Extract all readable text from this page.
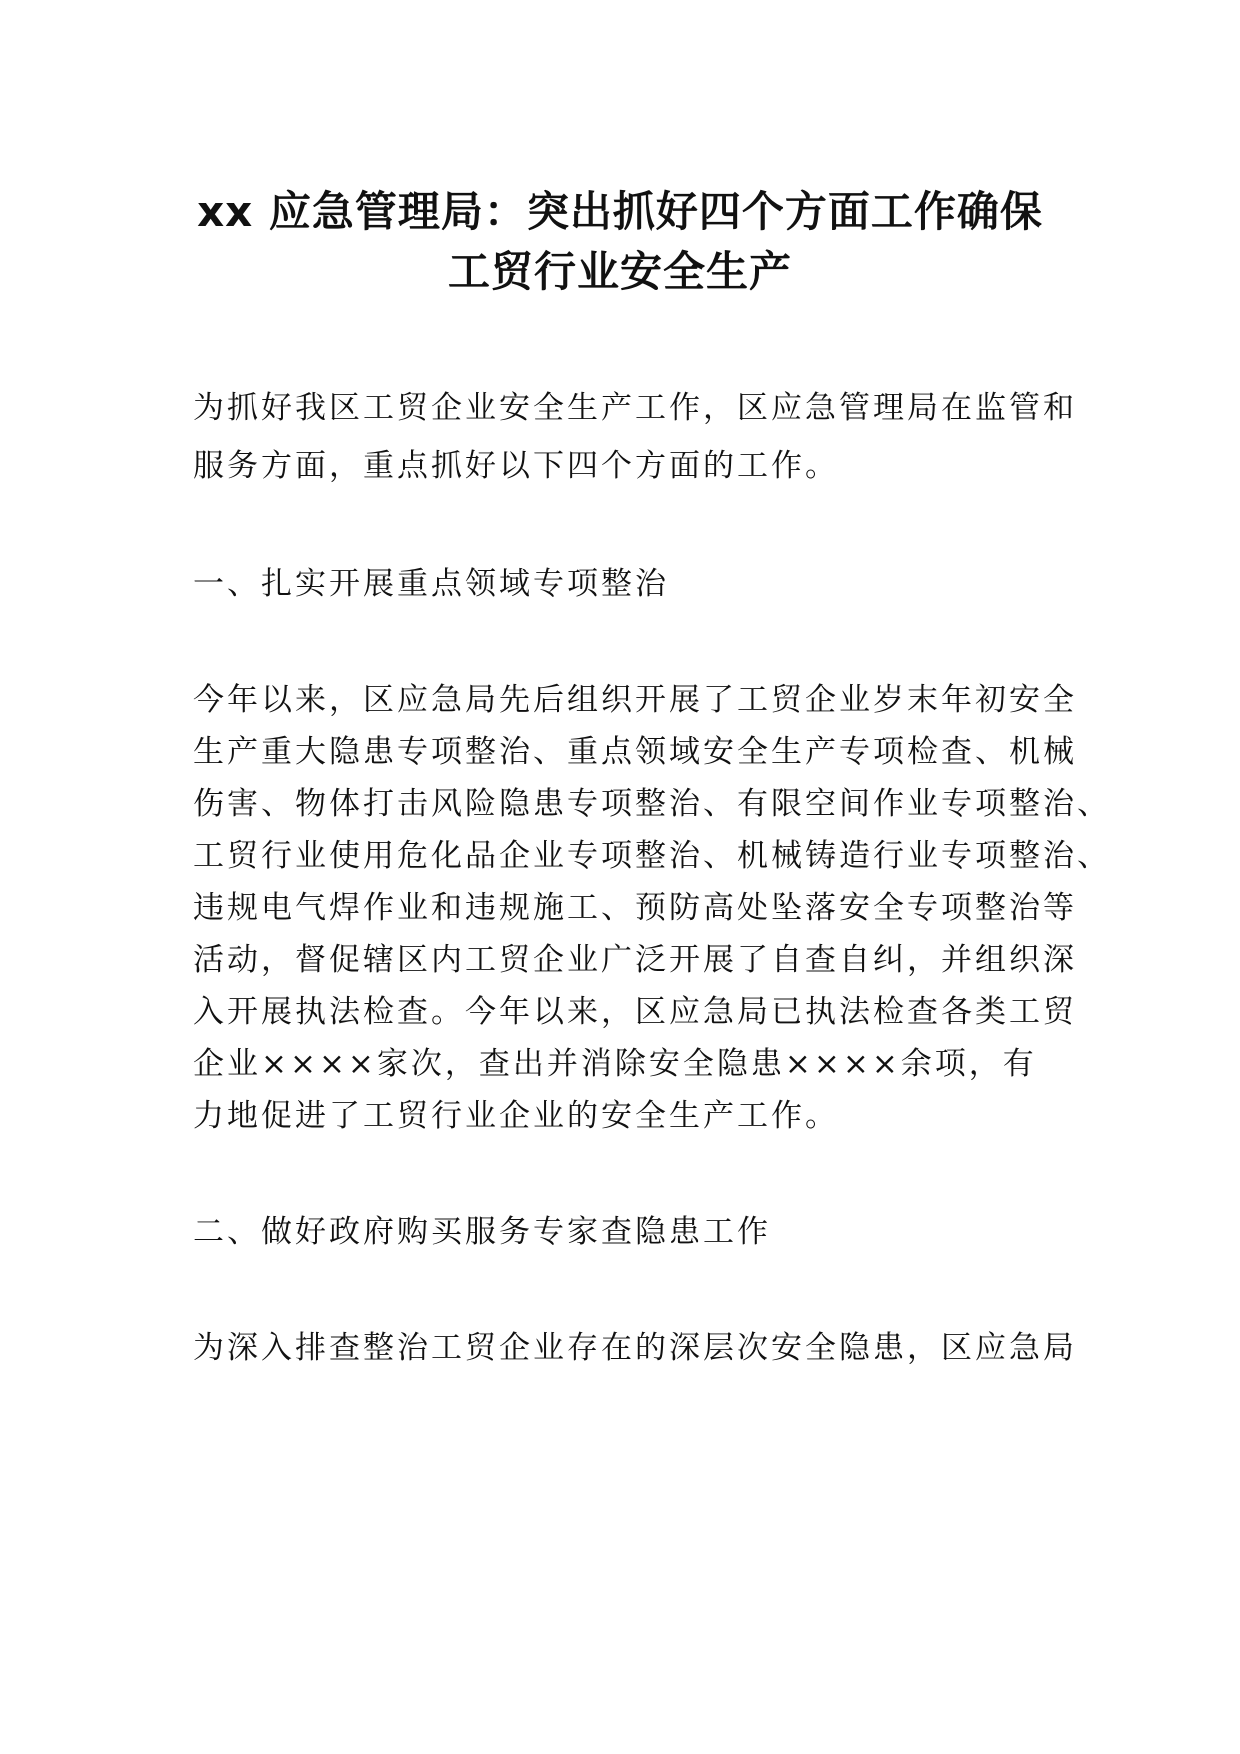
xx 应急管理局：突出抓好四个方面工作确保
工贸行业安全生产
为抓好我区工贸企业安全生产工作，区应急管理局在监管和
服务方面，重点抓好以下四个方面的工作。
一、扎实开展重点领域专项整治
今年以来，区应急局先后组织开展了工贸企业岁末年初安全
生产重大隐患专项整治、重点领域安全生产专项检查、机械
伤害、物体打击风险隐患专项整治、有限空间作业专项整治、
工贸行业使用危化品企业专项整治、机械铸造行业专项整治、
违规电气焊作业和违规施工、预防高处坠落安全专项整治等
活动，督促辖区内工贸企业广泛开展了自查自纠，并组织深
入开展执法检查。今年以来，区应急局已执法检查各类工贸
企业××××家次，查出并消除安全隐患××××余项，有
力地促进了工贸行业企业的安全生产工作。
二、做好政府购买服务专家查隐患工作
为深入排查整治工贸企业存在的深层次安全隐患，区应急局
